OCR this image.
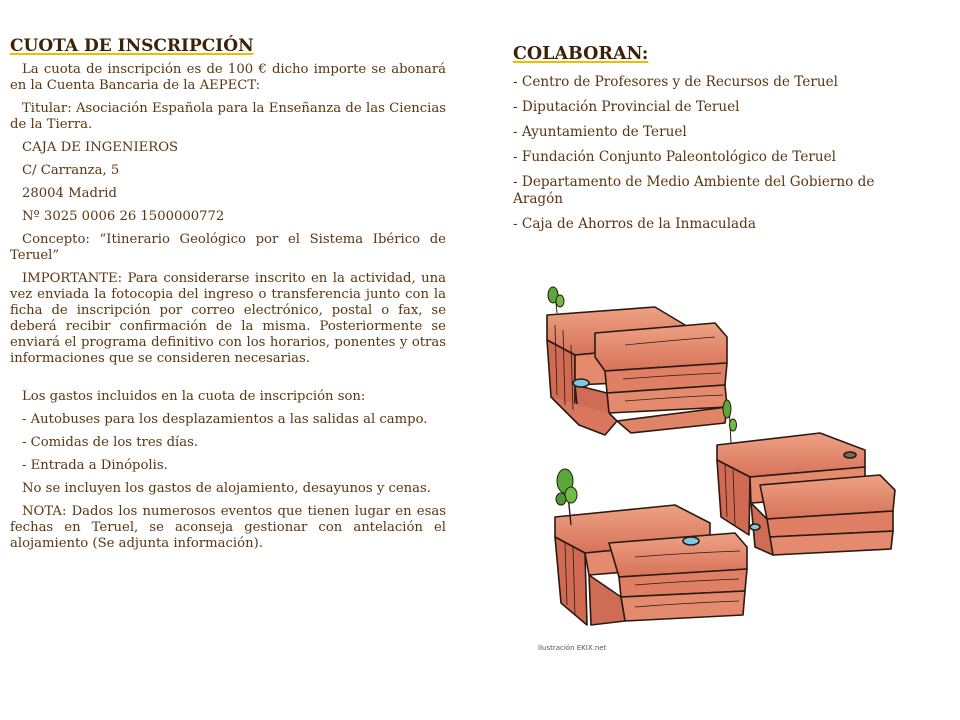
CUOTA DE INSCRIPCIÓN

La cuota de inscripción es de 100 € dicho importe se abonará en la Cuenta Bancaria de la AEPECT:

Titular: Asociación Española para la Enseñanza de las Ciencias de la Tierra.

CAJA DE INGENIEROS

C/ Carranza, 5

28004 Madrid

Nº 3025 0006 26 1500000772

Concepto: “Itinerario Geológico por el Sistema Ibérico de Teruel”

IMPORTANTE: Para considerarse inscrito en la actividad, una vez enviada la fotocopia del ingreso o transferencia junto con la ficha de inscripción por correo electrónico, postal o fax, se deberá recibir confirmación de la misma. Posteriormente se enviará el programa definitivo con los horarios, ponentes y otras informaciones que se consideren necesarias.

Los gastos incluidos en la cuota de inscripción son:

- Autobuses para los desplazamientos a las salidas al campo.

- Comidas de los tres días.

- Entrada a Dinópolis.

No se incluyen los gastos de alojamiento, desayunos y cenas.

NOTA: Dados los numerosos eventos que tienen lugar en esas fechas en Teruel, se aconseja gestionar con antelación el alojamiento (Se adjunta información).

COLABORAN:
- Centro de Profesores y de Recursos de Teruel
- Diputación Provincial de Teruel
- Ayuntamiento de Teruel
- Fundación Conjunto Paleontológico de Teruel
- Departamento de Medio Ambiente del Gobierno de Aragón
- Caja de Ahorros de la Inmaculada
Ilustración EKIX.net
